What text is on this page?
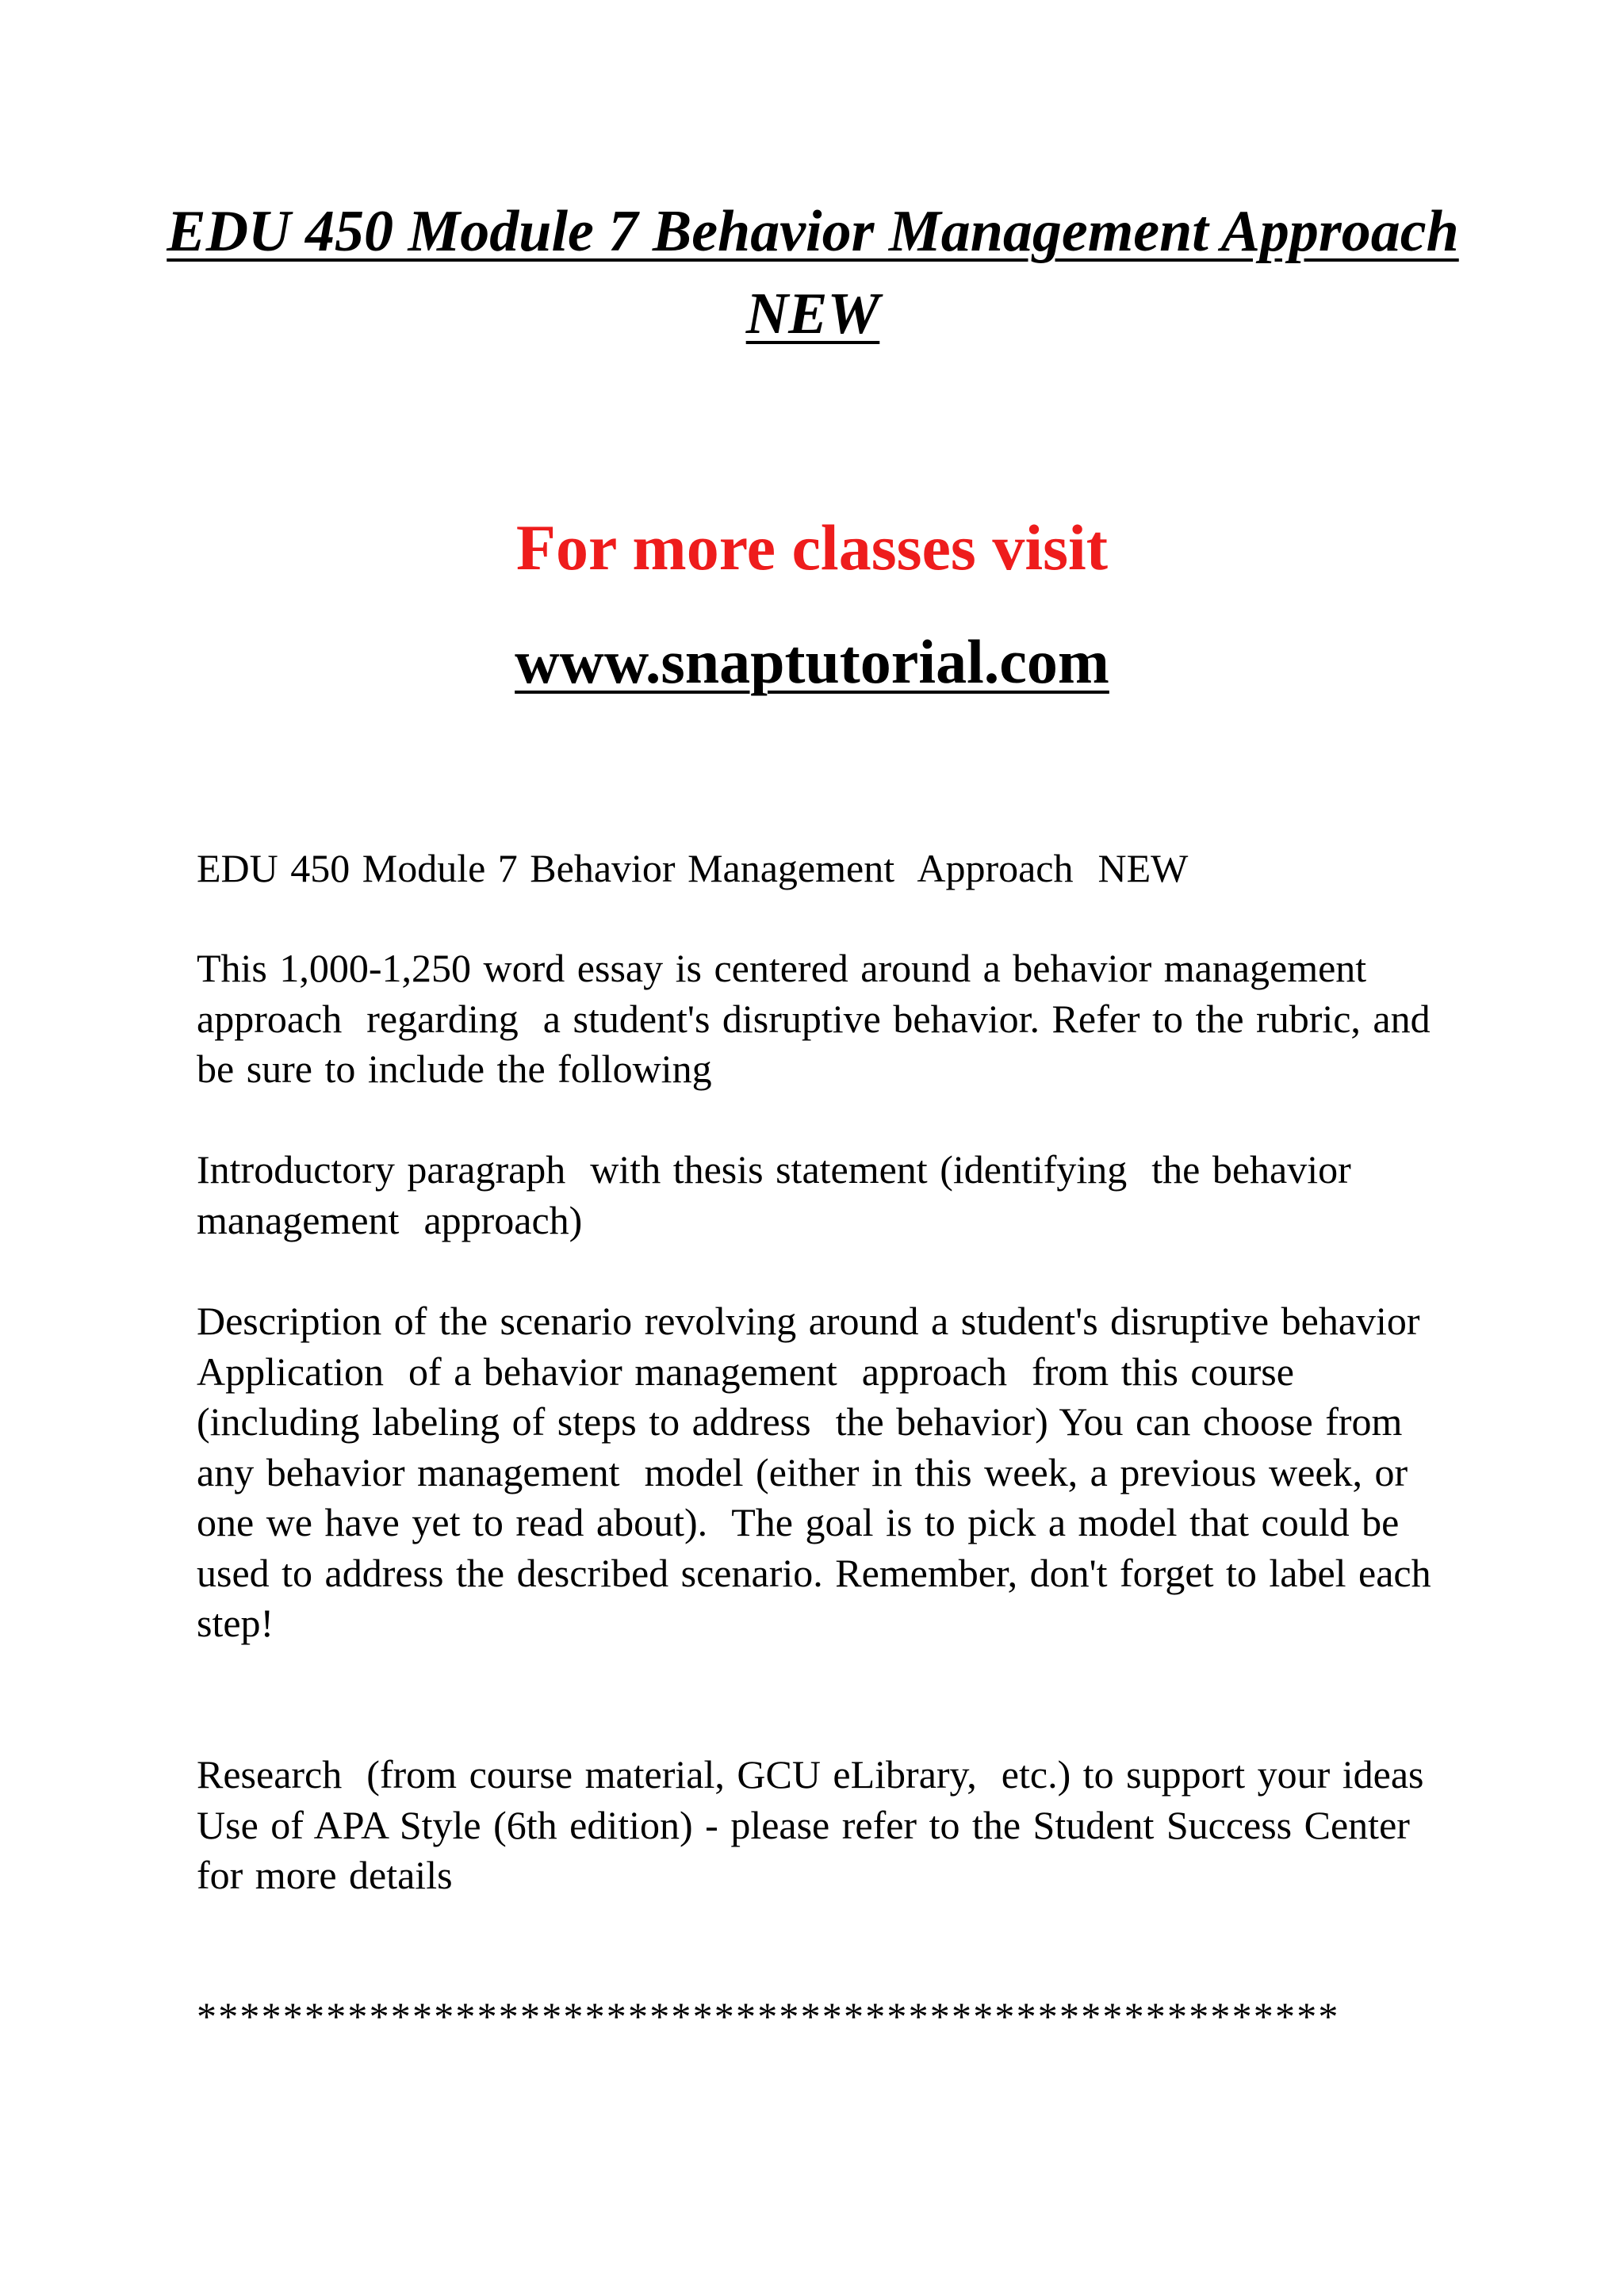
EDU 450 Module 7 Behavior Management Approach NEW
For more classes visit
www.snaptutorial.com
EDU 450 Module 7 Behavior Management  Approach  NEW
This 1,000-1,250 word essay is centered around a behavior management  approach  regarding  a student's disruptive behavior. Refer to the rubric, and be sure to include the following
Introductory paragraph  with thesis statement (identifying  the behavior management  approach)
Description of the scenario revolving around a student's disruptive behavior
Application  of a behavior management  approach  from this course (including labeling of steps to address  the behavior) You can choose from any behavior management  model (either in this week, a previous week, or one we have yet to read about).  The goal is to pick a model that could be used to address the described scenario. Remember, don't forget to label each step!
Research  (from course material, GCU eLibrary,  etc.) to support your ideas
Use of APA Style (6th edition) - please refer to the Student Success Center for more details
*****************************************************
